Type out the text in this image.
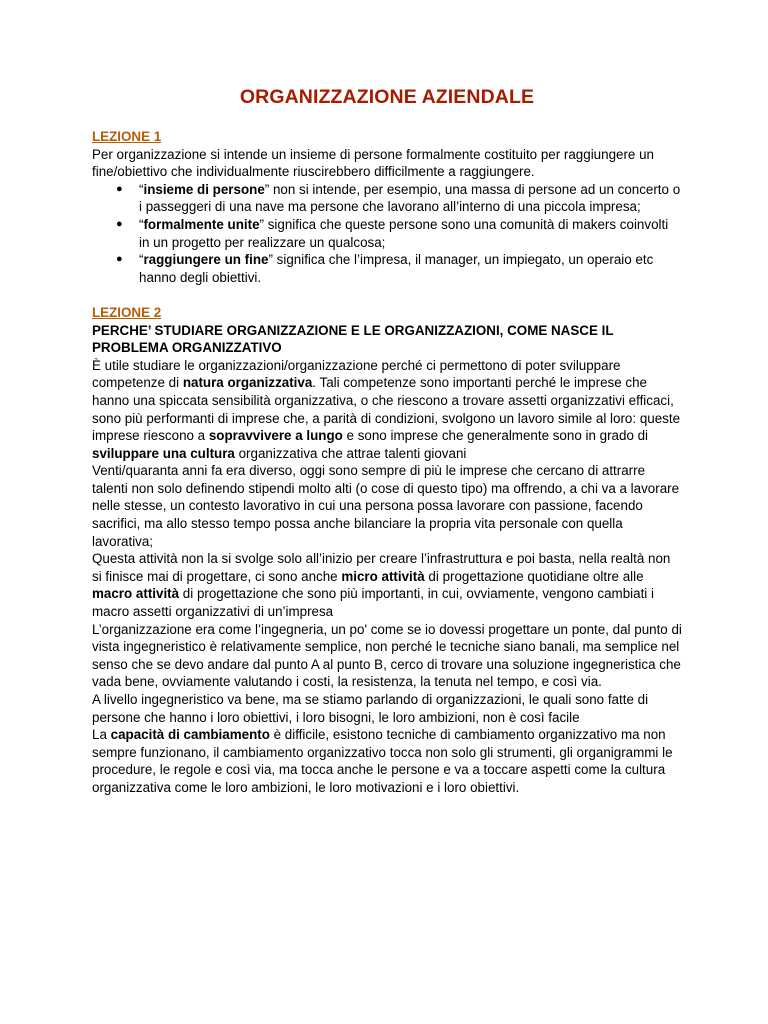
ORGANIZZAZIONE AZIENDALE
LEZIONE 1

Per organizzazione si intende un insieme di persone formalmente costituito per raggiungere un fine/obiettivo che individualmente riuscirebbero difficilmente a raggiungere.

● “insieme di persone” non si intende, per esempio, una massa di persone ad un concerto o i passeggeri di una nave ma persone che lavorano all’interno di una piccola impresa;
● “formalmente unite” significa che queste persone sono una comunità di makers coinvolti in un progetto per realizzare un qualcosa;
● “raggiungere un fine” significa che l’impresa, il manager, un impiegato, un operaio etc hanno degli obiettivi.
LEZIONE 2
PERCHE’ STUDIARE ORGANIZZAZIONE E LE ORGANIZZAZIONI, COME NASCE IL PROBLEMA ORGANIZZATIVO

È utile studiare le organizzazioni/organizzazione perché ci permettono di poter sviluppare competenze di natura organizzativa. Tali competenze sono importanti perché le imprese che hanno una spiccata sensibilità organizzativa, o che riescono a trovare assetti organizzativi efficaci, sono più performanti di imprese che, a parità di condizioni, svolgono un lavoro simile al loro: queste imprese riescono a sopravvivere a lungo e sono imprese che generalmente sono in grado di sviluppare una cultura organizzativa che attrae talenti giovani

Venti/quaranta anni fa era diverso, oggi sono sempre di più le imprese che cercano di attrarre talenti non solo definendo stipendi molto alti (o cose di questo tipo) ma offrendo, a chi va a lavorare nelle stesse, un contesto lavorativo in cui una persona possa lavorare con passione, facendo sacrifici, ma allo stesso tempo possa anche bilanciare la propria vita personale con quella lavorativa;

Questa attività non la si svolge solo all’inizio per creare l’infrastruttura e poi basta, nella realtà non si finisce mai di progettare, ci sono anche micro attività di progettazione quotidiane oltre alle macro attività di progettazione che sono più importanti, in cui, ovviamente, vengono cambiati i macro assetti organizzativi di un’impresa

L’organizzazione era come l’ingegneria, un po' come se io dovessi progettare un ponte, dal punto di vista ingegneristico è relativamente semplice, non perché le tecniche siano banali, ma semplice nel senso che se devo andare dal punto A al punto B, cerco di trovare una soluzione ingegneristica che vada bene, ovviamente valutando i costi, la resistenza, la tenuta nel tempo, e così via.

A livello ingegneristico va bene, ma se stiamo parlando di organizzazioni, le quali sono fatte di persone che hanno i loro obiettivi, i loro bisogni, le loro ambizioni, non è così facile

La capacità di cambiamento è difficile, esistono tecniche di cambiamento organizzativo ma non sempre funzionano, il cambiamento organizzativo tocca non solo gli strumenti, gli organigrammi le procedure, le regole e così via, ma tocca anche le persone e va a toccare aspetti come la cultura organizzativa come le loro ambizioni, le loro motivazioni e i loro obiettivi.
